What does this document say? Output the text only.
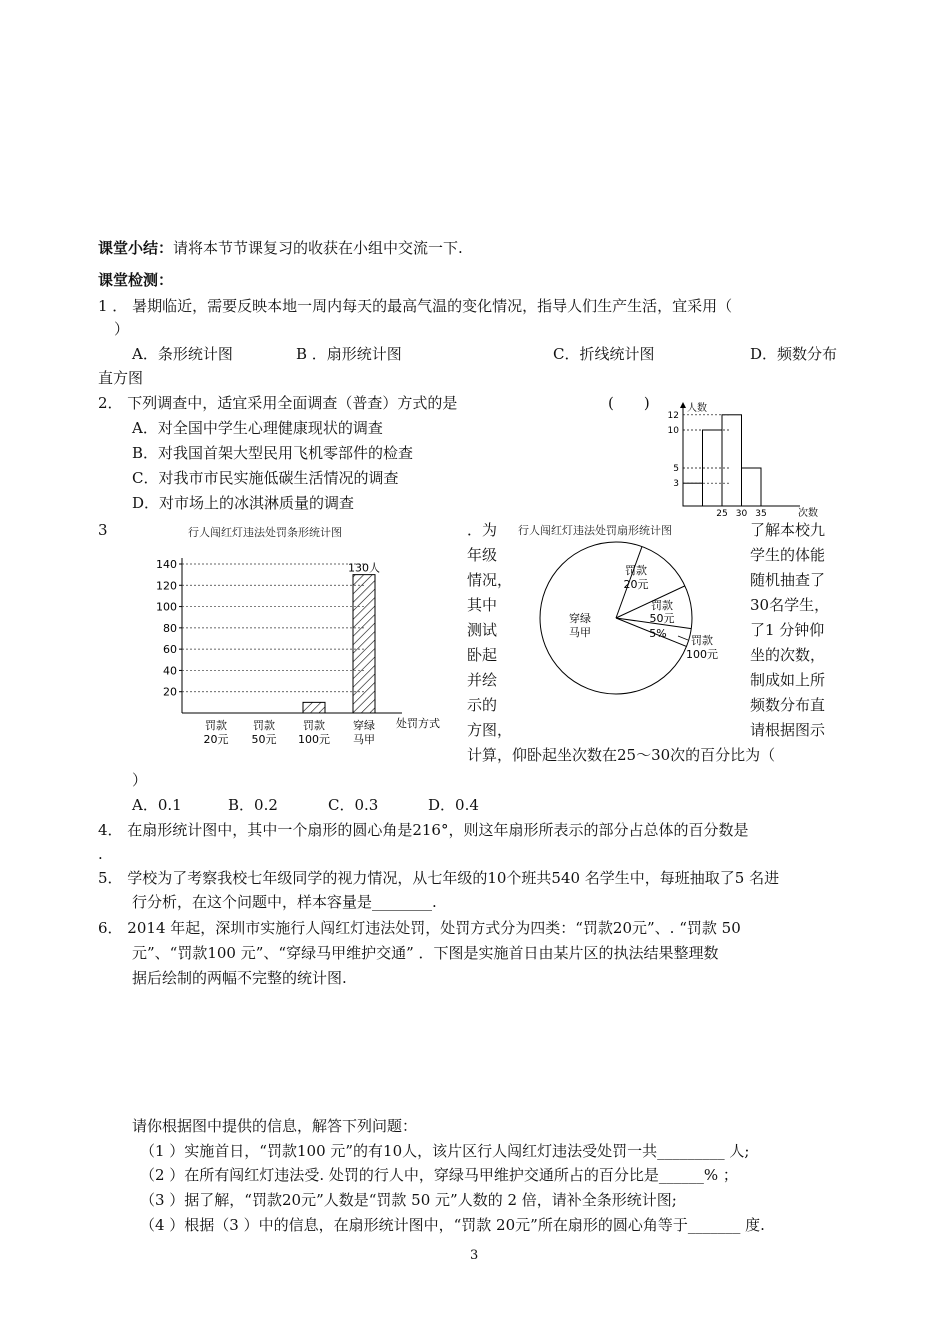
课堂小结：请将本节节课复习的收获在小组中交流一下.
课堂检测：
1 ． 暑期临近，需要反映本地一周内每天的最高气温的变化情况，指导人们生产生活，宜采用（
）
A．条形统计图	B ．扇形统计图	C．折线统计图	D．频数分布
直方图
2． 下列调查中，适宜采用全面调查（普查）方式的是	(　　)
A．对全国中学生心理健康现状的调查
B．对我国首架大型民用飞机零部件的检查
C．对我市市民实施低碳生活情况的调查
D．对市场上的冰淇淋质量的调查
人数
次数
3
5
10
12
25 30 35
3	行人闯红灯违法处罚条形统计图
20
40
60
80
100
120
140
罚款
20元
罚款
50元
罚款
100元
穿绿
马甲
130人
处罚方式
．为
年级
情况，
其中
测试
卧起
并绘
示的
方图，
了解本校九
学生的体能
随机抽查了
30名学生，
了1 分钟仰
坐的次数，
制成如上所
频数分布直
请根据图示
行人闯红灯违法处罚扇形统计图
罚款
20元
罚款
50元
5%
罚款
100元
穿绿
马甲
计算，仰卧起坐次数在25～30次的百分比为（
）
A．0.1	B．0.2	C．0.3	D．0.4
4． 在扇形统计图中，其中一个扇形的圆心角是216°，则这年扇形所表示的部分占总体的百分数是
.
5． 学校为了考察我校七年级同学的视力情况，从七年级的10个班共540 名学生中，每班抽取了5 名进
行分析，在这个问题中，样本容量是________.
6． 2014 年起，深圳市实施行人闯红灯违法处罚，处罚方式分为四类：“罚款20元”、. “罚款 50
元”、“罚款100 元”、“穿绿马甲维护交通” ．下图是实施首日由某片区的执法结果整理数
据后绘制的两幅不完整的统计图.
请你根据图中提供的信息，解答下列问题：
（1 ）实施首日，“罚款100 元”的有10人，该片区行人闯红灯违法受处罚一共_________ 人;
（2 ）在所有闯红灯违法受. 处罚的行人中，穿绿马甲维护交通所占的百分比是______% ；
（3 ）据了解，“罚款20元”人数是“罚款 50 元”人数的 2 倍，请补全条形统计图;
（4 ）根据（3 ）中的信息，在扇形统计图中，“罚款 20元”所在扇形的圆心角等于_______ 度.
3
